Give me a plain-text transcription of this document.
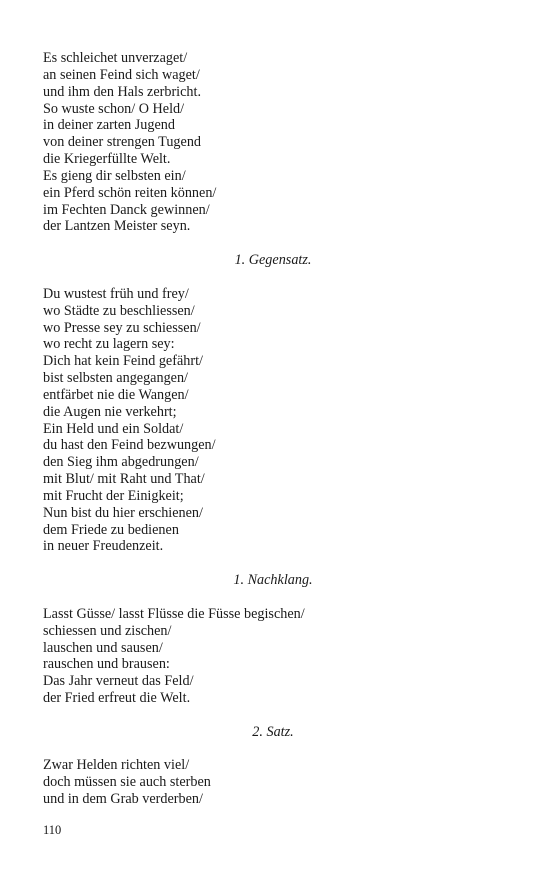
Es schleichet unverzaget/
an seinen Feind sich waget/
und ihm den Hals zerbricht.
So wuste schon/ O Held/
in deiner zarten Jugend
von deiner strengen Tugend
die Kriegerfüllte Welt.
Es gieng dir selbsten ein/
ein Pferd schön reiten können/
im Fechten Danck gewinnen/
der Lantzen Meister seyn.
1. Gegensatz.
Du wustest früh und frey/
wo Städte zu beschliessen/
wo Presse sey zu schiessen/
wo recht zu lagern sey:
Dich hat kein Feind gefährt/
bist selbsten angegangen/
entfärbet nie die Wangen/
die Augen nie verkehrt;
Ein Held und ein Soldat/
du hast den Feind bezwungen/
den Sieg ihm abgedrungen/
mit Blut/ mit Raht und That/
mit Frucht der Einigkeit;
Nun bist du hier erschienen/
dem Friede zu bedienen
in neuer Freudenzeit.
1. Nachklang.
Lasst Güsse/ lasst Flüsse die Füsse begischen/
schiessen und zischen/
lauschen und sausen/
rauschen und brausen:
Das Jahr verneut das Feld/
der Fried erfreut die Welt.
2. Satz.
Zwar Helden richten viel/
doch müssen sie auch sterben
und in dem Grab verderben/
110
